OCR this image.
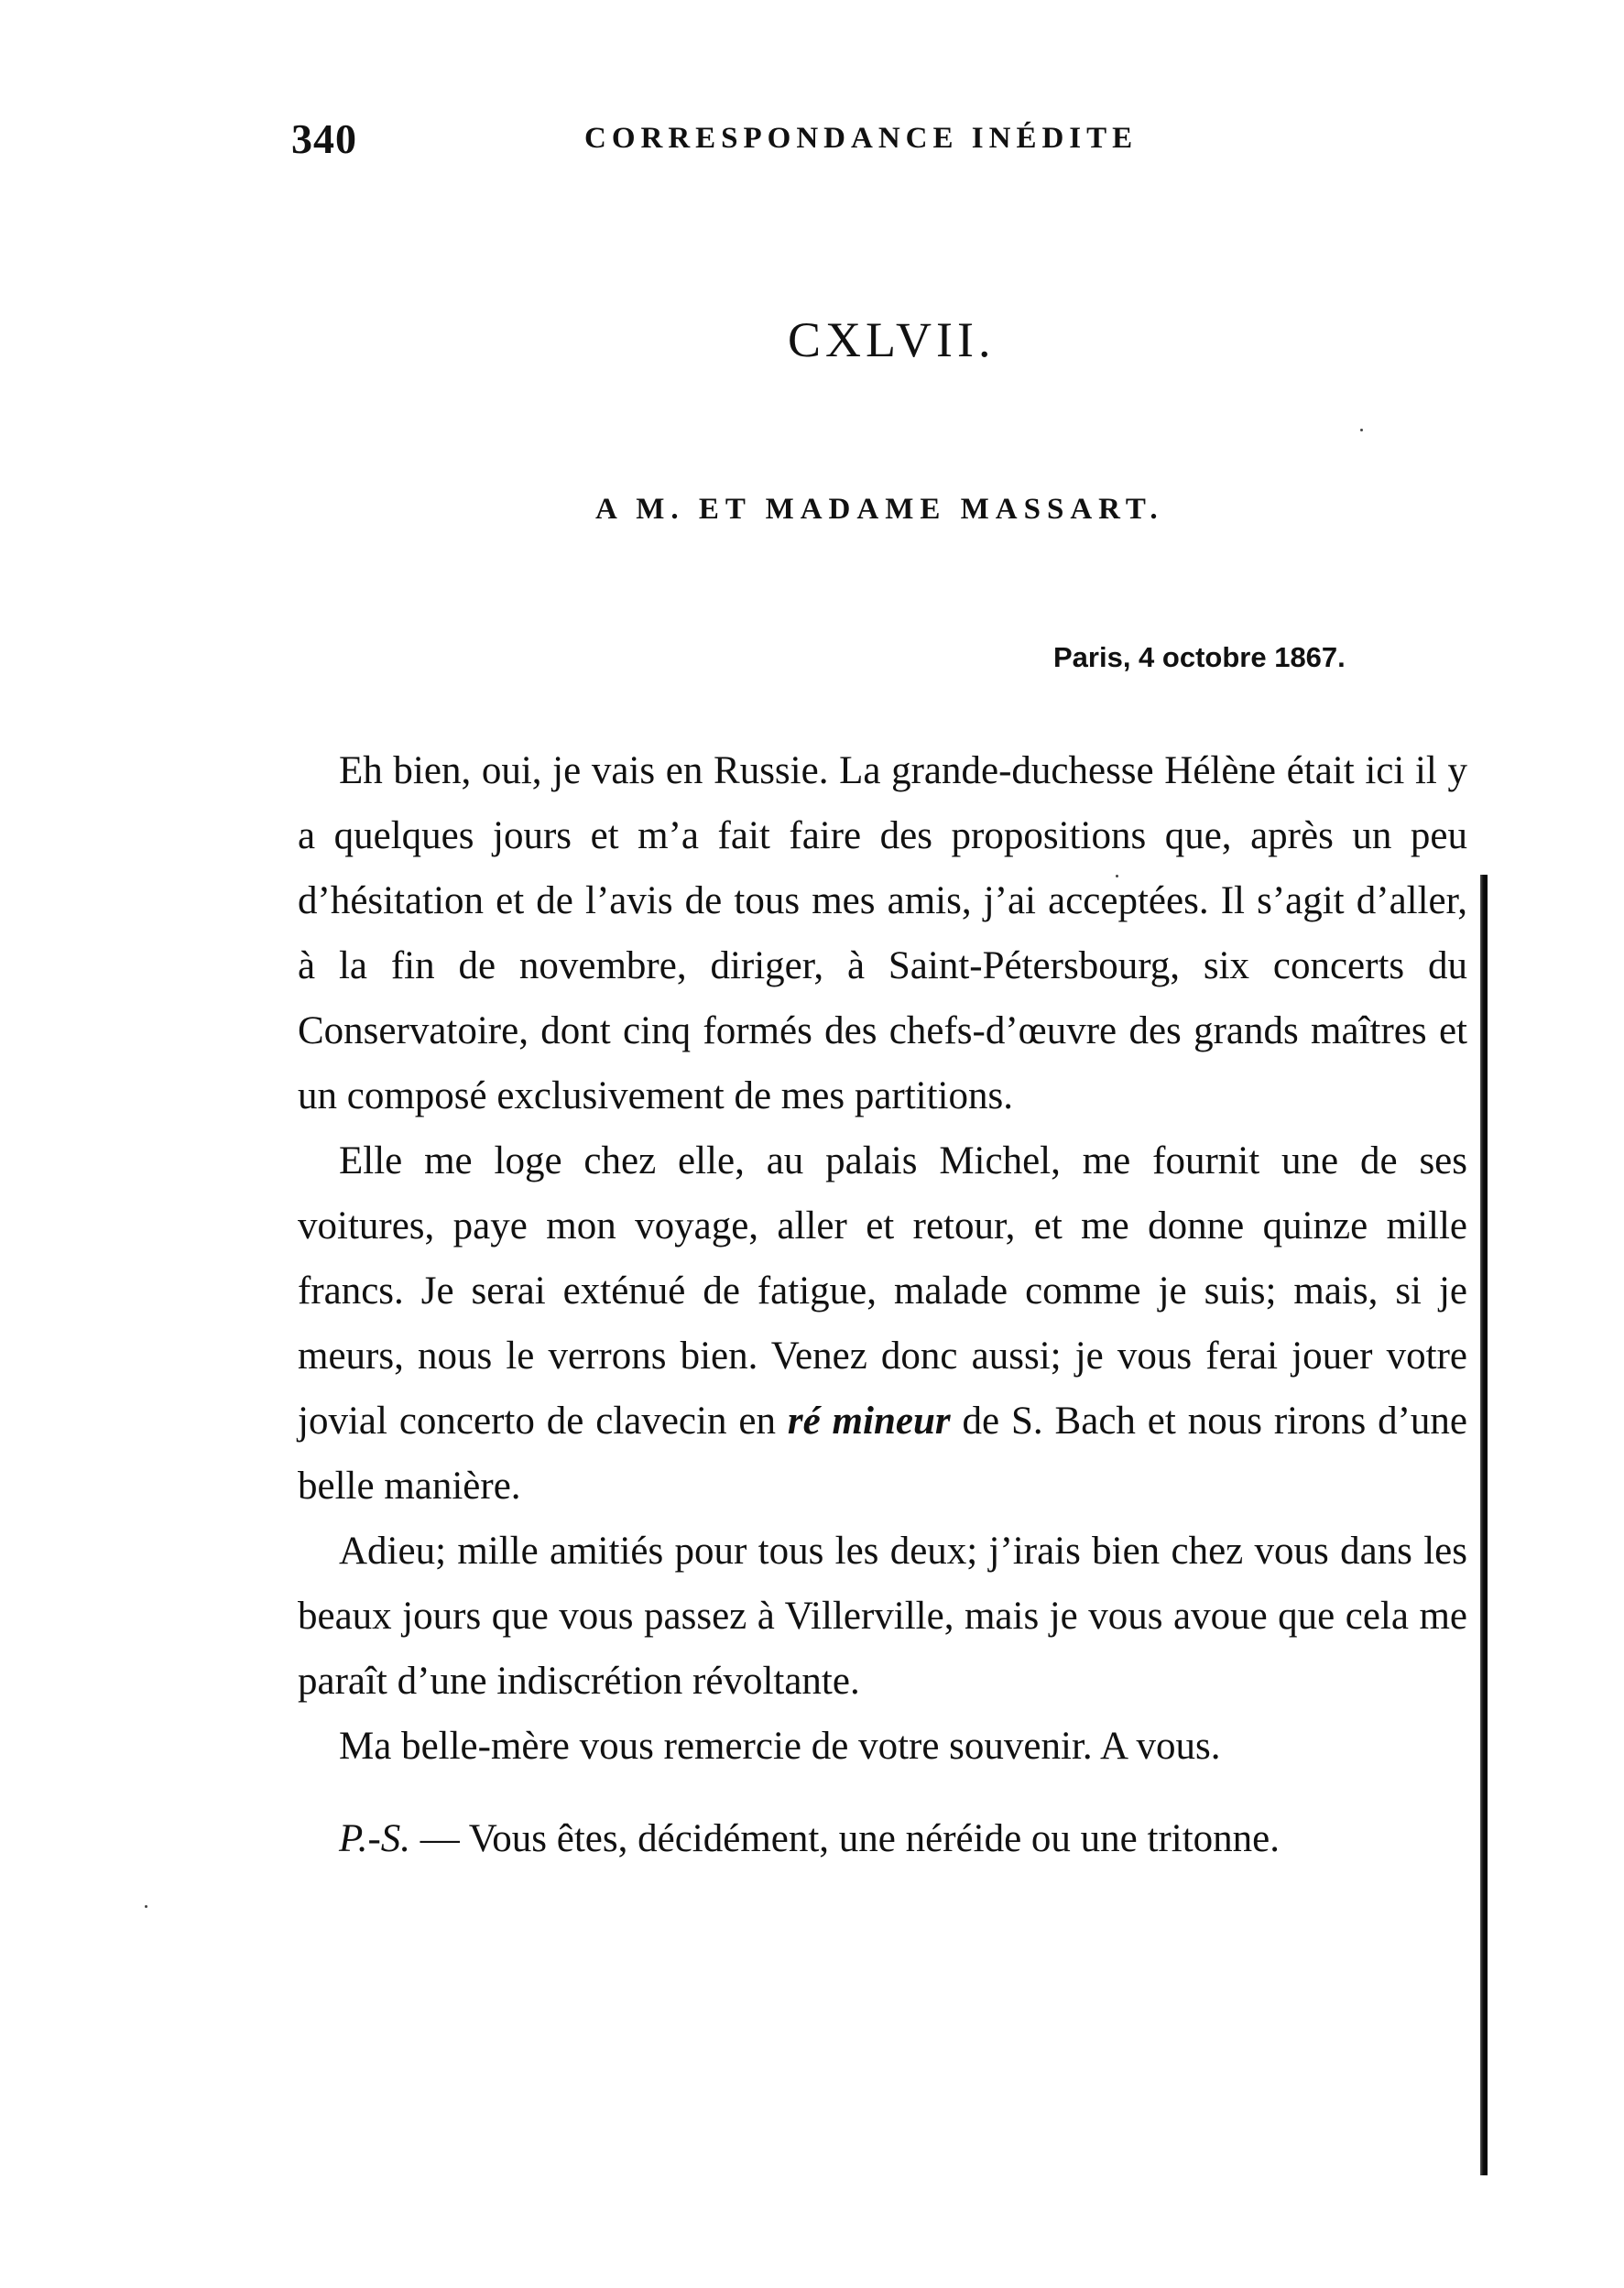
340	CORRESPONDANCE INÉDITE
CXLVII.
A M. ET MADAME MASSART.
Paris, 4 octobre 1867.

Eh bien, oui, je vais en Russie. La grande-duchesse Hélène était ici il y a quelques jours et m’a fait faire des propositions que, après un peu d’hésitation et de l’avis de tous mes amis, j’ai acceptées. Il s’agit d’aller, à la fin de novembre, diriger, à Saint-Pétersbourg, six concerts du Conservatoire, dont cinq formés des chefs-d’œuvre des grands maîtres et un composé exclusivement de mes partitions.

Elle me loge chez elle, au palais Michel, me fournit une de ses voitures, paye mon voyage, aller et retour, et me donne quinze mille francs. Je serai exténué de fatigue, malade comme je suis; mais, si je meurs, nous le verrons bien. Venez donc aussi; je vous ferai jouer votre jovial concerto de clavecin en ré mineur de S. Bach et nous rirons d’une belle manière.

Adieu; mille amitiés pour tous les deux; j’irais bien chez vous dans les beaux jours que vous passez à Villerville, mais je vous avoue que cela me paraît d’une indiscrétion révoltante.

Ma belle-mère vous remercie de votre souvenir. A vous.

P.-S. — Vous êtes, décidément, une néréide ou une tritonne.
